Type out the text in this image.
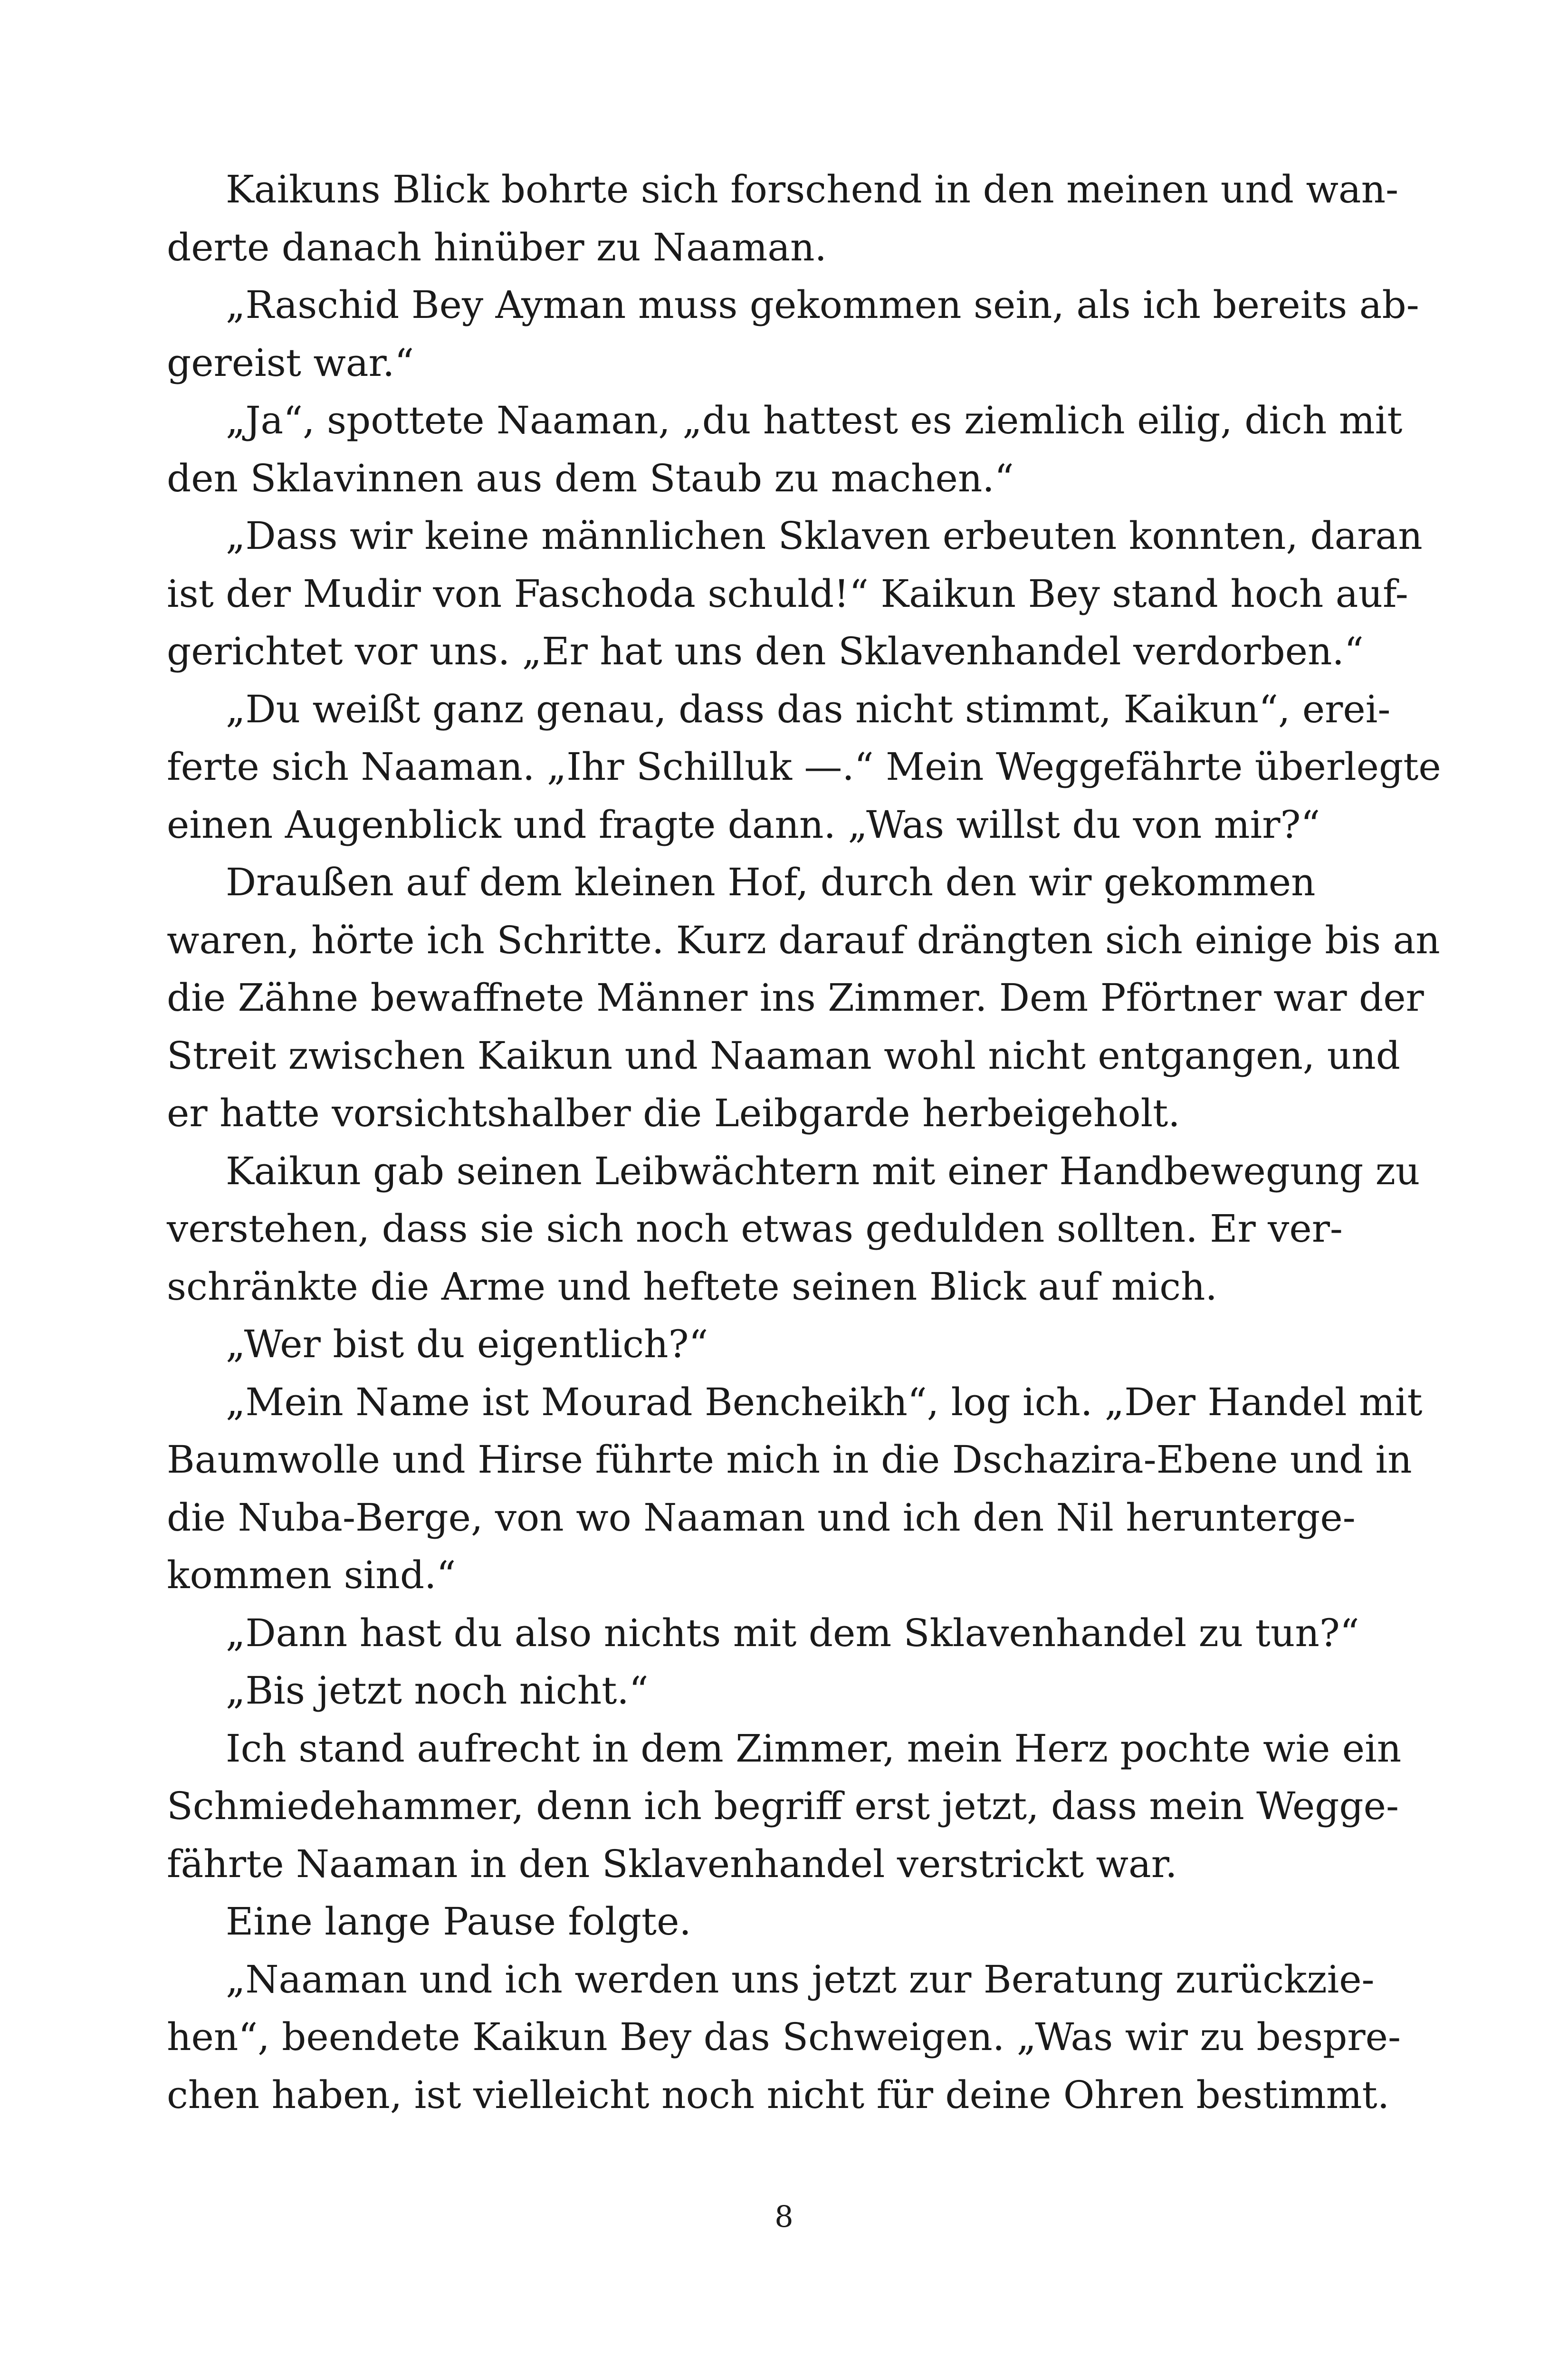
Kaikuns Blick bohrte sich forschend in den meinen und wan-
derte danach hinüber zu Naaman.
„Raschid Bey Ayman muss gekommen sein, als ich bereits ab-
gereist war.“
„Ja“, spottete Naaman, „du hattest es ziemlich eilig, dich mit
den Sklavinnen aus dem Staub zu machen.“
„Dass wir keine männlichen Sklaven erbeuten konnten, daran
ist der Mudir von Faschoda schuld!“ Kaikun Bey stand hoch auf-
gerichtet vor uns. „Er hat uns den Sklavenhandel verdorben.“
„Du weißt ganz genau, dass das nicht stimmt, Kaikun“, erei-
ferte sich Naaman. „Ihr Schilluk —.“ Mein Weggefährte überlegte
einen Augenblick und fragte dann. „Was willst du von mir?“
Draußen auf dem kleinen Hof, durch den wir gekommen
waren, hörte ich Schritte. Kurz darauf drängten sich einige bis an
die Zähne bewaffnete Männer ins Zimmer. Dem Pförtner war der
Streit zwischen Kaikun und Naaman wohl nicht entgangen, und
er hatte vorsichtshalber die Leibgarde herbeigeholt.
Kaikun gab seinen Leibwächtern mit einer Handbewegung zu
verstehen, dass sie sich noch etwas gedulden sollten. Er ver-
schränkte die Arme und heftete seinen Blick auf mich.
„Wer bist du eigentlich?“
„Mein Name ist Mourad Bencheikh“, log ich. „Der Handel mit
Baumwolle und Hirse führte mich in die Dschazira-Ebene und in
die Nuba-Berge, von wo Naaman und ich den Nil herunterge-
kommen sind.“
„Dann hast du also nichts mit dem Sklavenhandel zu tun?“
„Bis jetzt noch nicht.“
Ich stand aufrecht in dem Zimmer, mein Herz pochte wie ein
Schmiedehammer, denn ich begriff erst jetzt, dass mein Wegge-
fährte Naaman in den Sklavenhandel verstrickt war.
Eine lange Pause folgte.
„Naaman und ich werden uns jetzt zur Beratung zurückzie-
hen“, beendete Kaikun Bey das Schweigen. „Was wir zu bespre-
chen haben, ist vielleicht noch nicht für deine Ohren bestimmt.
8
